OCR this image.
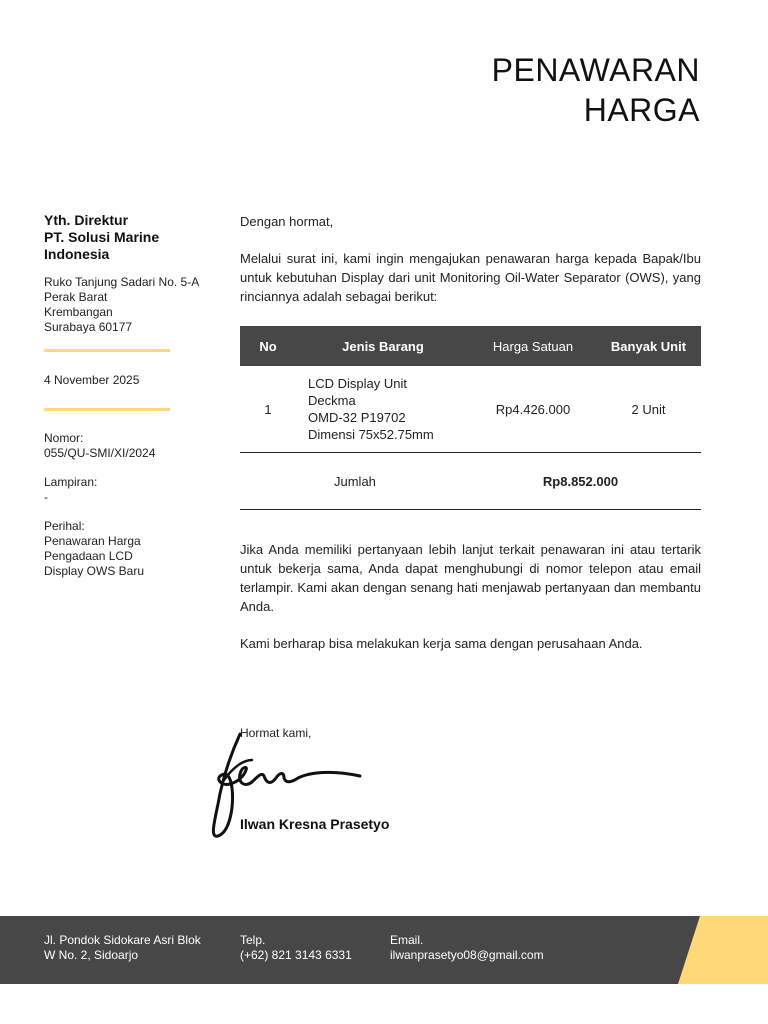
PENAWARAN
HARGA
Yth. Direktur
PT. Solusi Marine
Indonesia
Ruko Tanjung Sadari No. 5-A
Perak Barat
Krembangan
Surabaya 60177
4 November 2025
Nomor:
055/QU-SMI/XI/2024
Lampiran:
-
Perihal:
Penawaran Harga
Pengadaan LCD
Display OWS Baru
Dengan hormat,
Melalui surat ini, kami ingin mengajukan penawaran harga kepada Bapak/Ibu untuk kebutuhan Display dari unit Monitoring Oil-Water Separator (OWS), yang rinciannya adalah sebagai berikut:
No	Jenis Barang	Harga Satuan	Banyak Unit
1	LCD Display Unit
Deckma
OMD-32 P19702
Dimensi 75x52.75mm	Rp4.426.000	2 Unit
	Jumlah	Rp8.852.000	
Jika Anda memiliki pertanyaan lebih lanjut terkait penawaran ini atau tertarik untuk bekerja sama, Anda dapat menghubungi di nomor telepon atau email terlampir. Kami akan dengan senang hati menjawab pertanyaan dan membantu Anda.
Kami berharap bisa melakukan kerja sama dengan perusahaan Anda.
Hormat kami,
Ilwan Kresna Prasetyo
Jl. Pondok Sidokare Asri Blok
W No. 2, Sidoarjo
Telp.
(+62) 821 3143 6331
Email.
ilwanprasetyo08@gmail.com
